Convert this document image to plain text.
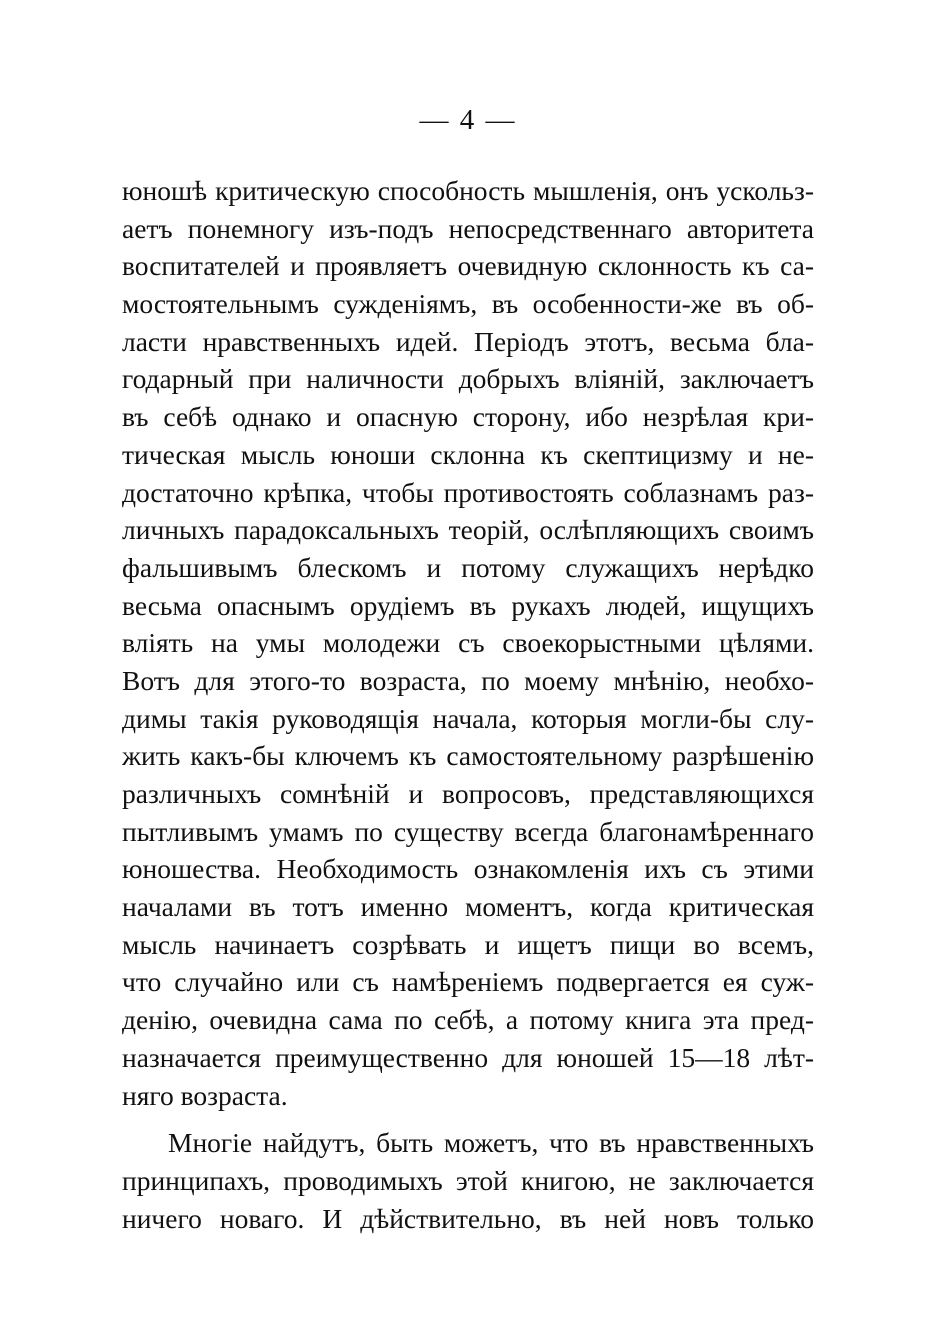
— 4 —
юношѣ критическую способность мышленія, онъ ускольз-
аетъ понемногу изъ-подъ непосредственнаго авторитета
воспитателей и проявляетъ очевидную склонность къ са-
мостоятельнымъ сужденіямъ, въ особенности-же въ об-
ласти нравственныхъ идей. Періодъ этотъ, весьма бла-
годарный при наличности добрыхъ вліяній, заключаетъ
въ себѣ однако и опасную сторону, ибо незрѣлая кри-
тическая мысль юноши склонна къ скептицизму и не-
достаточно крѣпка, чтобы противостоять соблазнамъ раз-
личныхъ парадоксальныхъ теорій, ослѣпляющихъ своимъ
фальшивымъ блескомъ и потому служащихъ нерѣдко
весьма опаснымъ орудіемъ въ рукахъ людей, ищущихъ
вліять на умы молодежи съ своекорыстными цѣлями.
Вотъ для этого-то возраста, по моему мнѣнію, необхо-
димы такія руководящія начала, которыя могли-бы слу-
жить какъ-бы ключемъ къ самостоятельному разрѣшенію
различныхъ сомнѣній и вопросовъ, представляющихся
пытливымъ умамъ по существу всегда благонамѣреннаго
юношества. Необходимость ознакомленія ихъ съ этими
началами въ тотъ именно моментъ, когда критическая
мысль начинаетъ созрѣвать и ищетъ пищи во всемъ,
что случайно или съ намѣреніемъ подвергается ея суж-
денію, очевидна сама по себѣ, а потому книга эта пред-
назначается преимущественно для юношей 15—18 лѣт-
няго возраста.
Многіе найдутъ, быть можетъ, что въ нравственныхъ
принципахъ, проводимыхъ этой книгою, не заключается
ничего новаго. И дѣйствительно, въ ней новъ только
